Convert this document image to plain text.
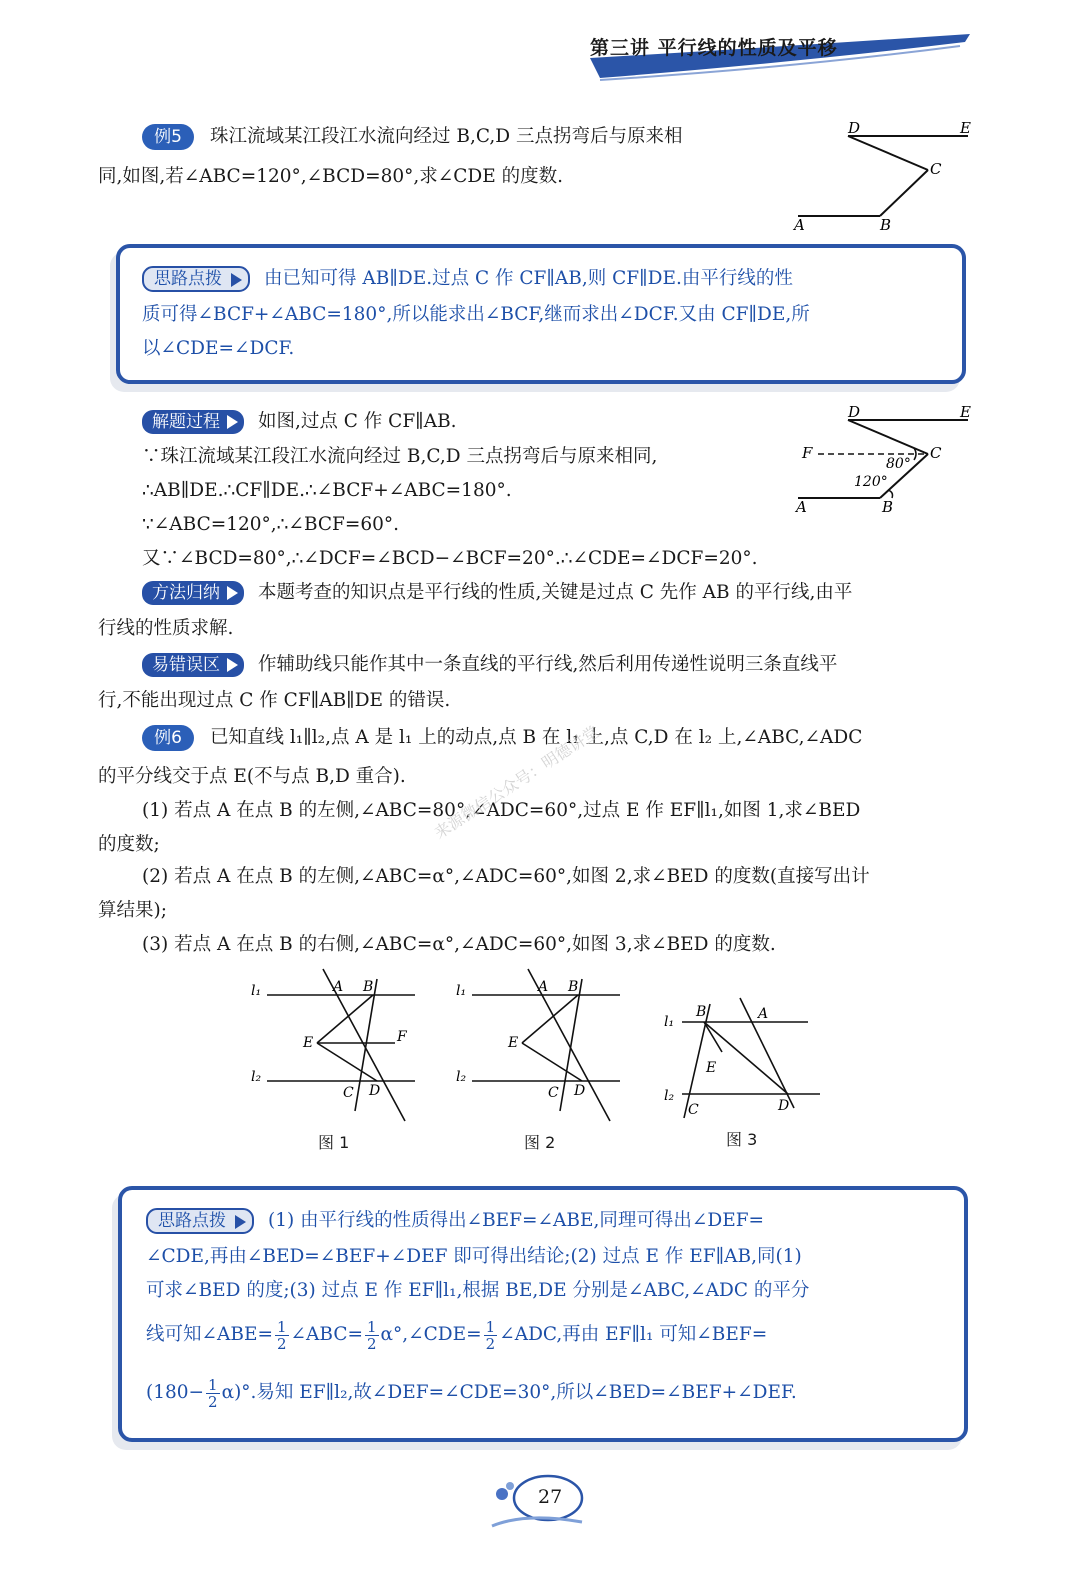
第三讲 平行线的性质及平移
例5 珠江流域某江段江水流向经过 B,C,D 三点拐弯后与原来相
同,如图,若∠ABC=120°,∠BCD=80°,求∠CDE 的度数.
D	E
C
A	B
思路点拨 由已知可得 AB∥DE.过点 C 作 CF∥AB,则 CF∥DE.由平行线的性
质可得∠BCF+∠ABC=180°,所以能求出∠BCF,继而求出∠DCF.又由 CF∥DE,所
以∠CDE=∠DCF.
解题过程 如图,过点 C 作 CF∥AB.
∵珠江流域某江段江水流向经过 B,C,D 三点拐弯后与原来相同,
∴AB∥DE.∴CF∥DE.∴∠BCF+∠ABC=180°.
∵∠ABC=120°,∴∠BCF=60°.
又∵∠BCD=80°,∴∠DCF=∠BCD−∠BCF=20°.∴∠CDE=∠DCF=20°.
D	E
F
80°
C
120°
A	B
方法归纳 本题考查的知识点是平行线的性质,关键是过点 C 先作 AB 的平行线,由平
行线的性质求解.
易错误区 作辅助线只能作其中一条直线的平行线,然后利用传递性说明三条直线平
行,不能出现过点 C 作 CF∥AB∥DE 的错误.
例6 已知直线 l₁∥l₂,点 A 是 l₁ 上的动点,点 B 在 l₁ 上,点 C,D 在 l₂ 上,∠ABC,∠ADC
的平分线交于点 E(不与点 B,D 重合).
(1) 若点 A 在点 B 的左侧,∠ABC=80°,∠ADC=60°,过点 E 作 EF∥l₁,如图 1,求∠BED
的度数;
(2) 若点 A 在点 B 的左侧,∠ABC=α°,∠ADC=60°,如图 2,求∠BED 的度数(直接写出计
算结果);
(3) 若点 A 在点 B 的右侧,∠ABC=α°,∠ADC=60°,如图 3,求∠BED 的度数.
来源微信公众号：明德讲堂
l₁	A B
E	F
l₂
C D
图 1
l₁	A B
E
l₂
C D
图 2
B	A
l₁
E
l₂
C	D
图 3
思路点拨 (1) 由平行线的性质得出∠BEF=∠ABE,同理可得出∠DEF=
∠CDE,再由∠BED=∠BEF+∠DEF 即可得出结论;(2) 过点 E 作 EF∥AB,同(1)
可求∠BED 的度;(3) 过点 E 作 EF∥l₁,根据 BE,DE 分别是∠ABC,∠ADC 的平分
线可知∠ABE= $\frac{1}{2}$ ∠ABC= $\frac{1}{2}$ α°,∠CDE= $\frac{1}{2}$ ∠ADC,再由 EF∥l₁ 可知∠BEF=
$(180- \frac{1}{2} \alpha)^\circ$.易知 EF∥l₂,故∠DEF=∠CDE=30°,所以∠BED=∠BEF+∠DEF.
27
